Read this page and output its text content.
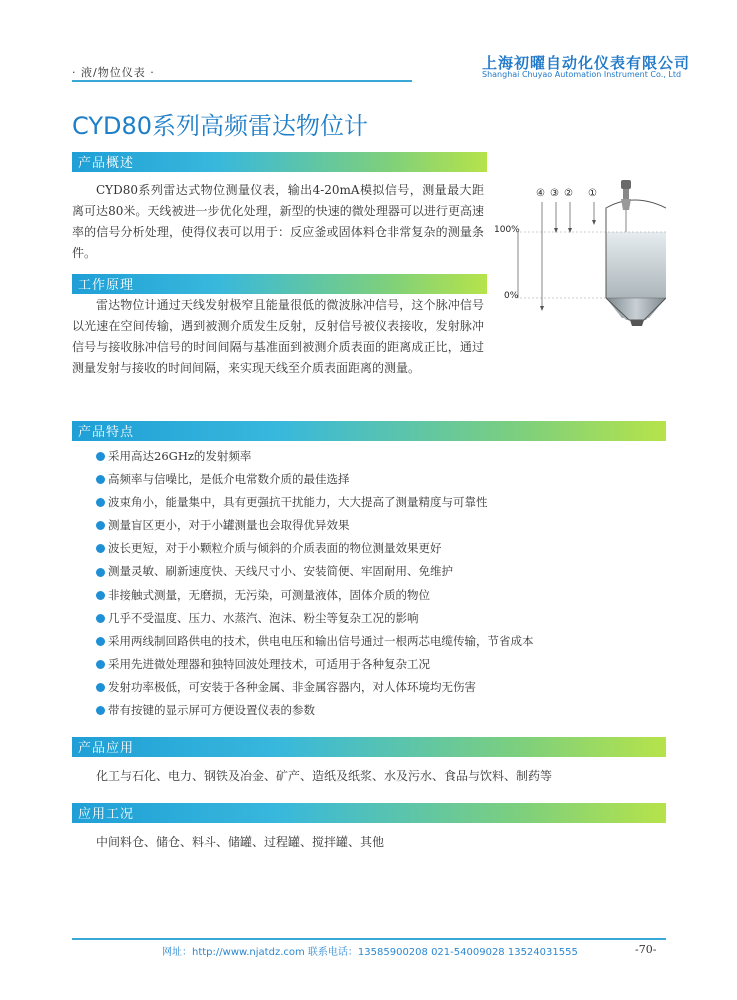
· 液/物位仪表 ·
上海初曜自动化仪表有限公司
Shanghai Chuyao Automation Instrument Co., Ltd
CYD80系列高频雷达物位计
产品概述
CYD80系列雷达式物位测量仪表，输出4-20mA模拟信号，测量最大距离可达80米。天线被进一步优化处理，新型的快速的微处理器可以进行更高速率的信号分析处理，使得仪表可以用于：反应釜或固体料仓非常复杂的测量条件。
工作原理
雷达物位计通过天线发射极窄且能量很低的微波脉冲信号，这个脉冲信号以光速在空间传输，遇到被测介质发生反射，反射信号被仪表接收，发射脉冲信号与接收脉冲信号的时间间隔与基准面到被测介质表面的距离成正比，通过测量发射与接收的时间间隔，来实现天线至介质表面距离的测量。
④ ③ ② ①
100%
0%
产品特点
采用高达26GHz的发射频率
高频率与信噪比，是低介电常数介质的最佳选择
波束角小，能量集中，具有更强抗干扰能力，大大提高了测量精度与可靠性
测量盲区更小，对于小罐测量也会取得优异效果
波长更短，对于小颗粒介质与倾斜的介质表面的物位测量效果更好
测量灵敏、刷新速度快、天线尺寸小、安装简便、牢固耐用、免维护
非接触式测量，无磨损，无污染，可测量液体，固体介质的物位
几乎不受温度、压力、水蒸汽、泡沫、粉尘等复杂工况的影响
采用两线制回路供电的技术，供电电压和输出信号通过一根两芯电缆传输，节省成本
采用先进微处理器和独特回波处理技术，可适用于各种复杂工况
发射功率极低，可安装于各种金属、非金属容器内，对人体环境均无伤害
带有按键的显示屏可方便设置仪表的参数
产品应用
化工与石化、电力、钢铁及冶金、矿产、造纸及纸浆、水及污水、食品与饮料、制药等
应用工况
中间料仓、储仓、料斗、储罐、过程罐、搅拌罐、其他
网址：http://www.njatdz.com 联系电话：13585900208 021-54009028 13524031555	-70-
